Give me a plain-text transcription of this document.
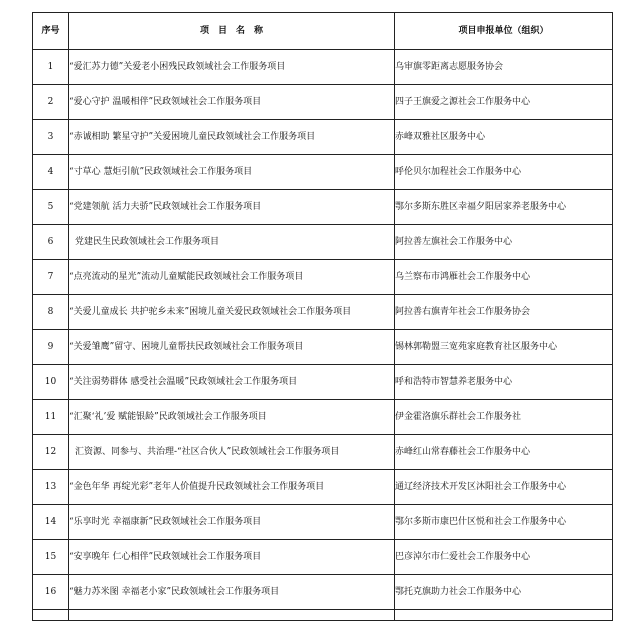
序号	项　目　名　称	项目申报单位（组织）
1	“爱汇苏力德”关爱老小困残民政领域社会工作服务项目	乌审旗零距离志愿服务协会
2	“爱心守护 温暖相伴”民政领域社会工作服务项目	四子王旗爱之源社会工作服务中心
3	“赤诚相助 繁星守护”关爱困境儿童民政领域社会工作服务项目	赤峰双雅社区服务中心
4	“寸草心 慧炬引航”民政领域社会工作服务项目	呼伦贝尔加程社会工作服务中心
5	“党建领航 活力夫骄”民政领域社会工作服务项目	鄂尔多斯东胜区幸福夕阳居家养老服务中心
6	党建民生民政领域社会工作服务项目	阿拉善左旗社会工作服务中心
7	“点亮流动的星光”流动儿童赋能民政领域社会工作服务项目	乌兰察布市鸿雁社会工作服务中心
8	“关爱儿童成长 共护驼乡未来”困境儿童关爱民政领域社会工作服务项目	阿拉善右旗青年社会工作服务协会
9	“关爱雏鹰”留守、困境儿童帮扶民政领域社会工作服务项目	锡林郭勒盟三宽苑家庭教育社区服务中心
10	“关注弱势群体 感受社会温暖”民政领域社会工作服务项目	呼和浩特市智慧养老服务中心
11	“汇聚‘礼’爱 赋能银龄”民政领域社会工作服务项目	伊金霍洛旗乐群社会工作服务社
12	汇资源、同参与、共治理-“社区合伙人”民政领域社会工作服务项目	赤峰红山常春藤社会工作服务中心
13	“金色年华 再绽光彩”老年人价值提升民政领域社会工作服务项目	通辽经济技术开发区沐阳社会工作服务中心
14	“乐享时光 幸福康新”民政领域社会工作服务项目	鄂尔多斯市康巴什区悦和社会工作服务中心
15	“安享晚年 仁心相伴”民政领域社会工作服务项目	巴彦淖尔市仁爱社会工作服务中心
16	“魅力苏米图 幸福老小家”民政领域社会工作服务项目	鄂托克旗助力社会工作服务中心
